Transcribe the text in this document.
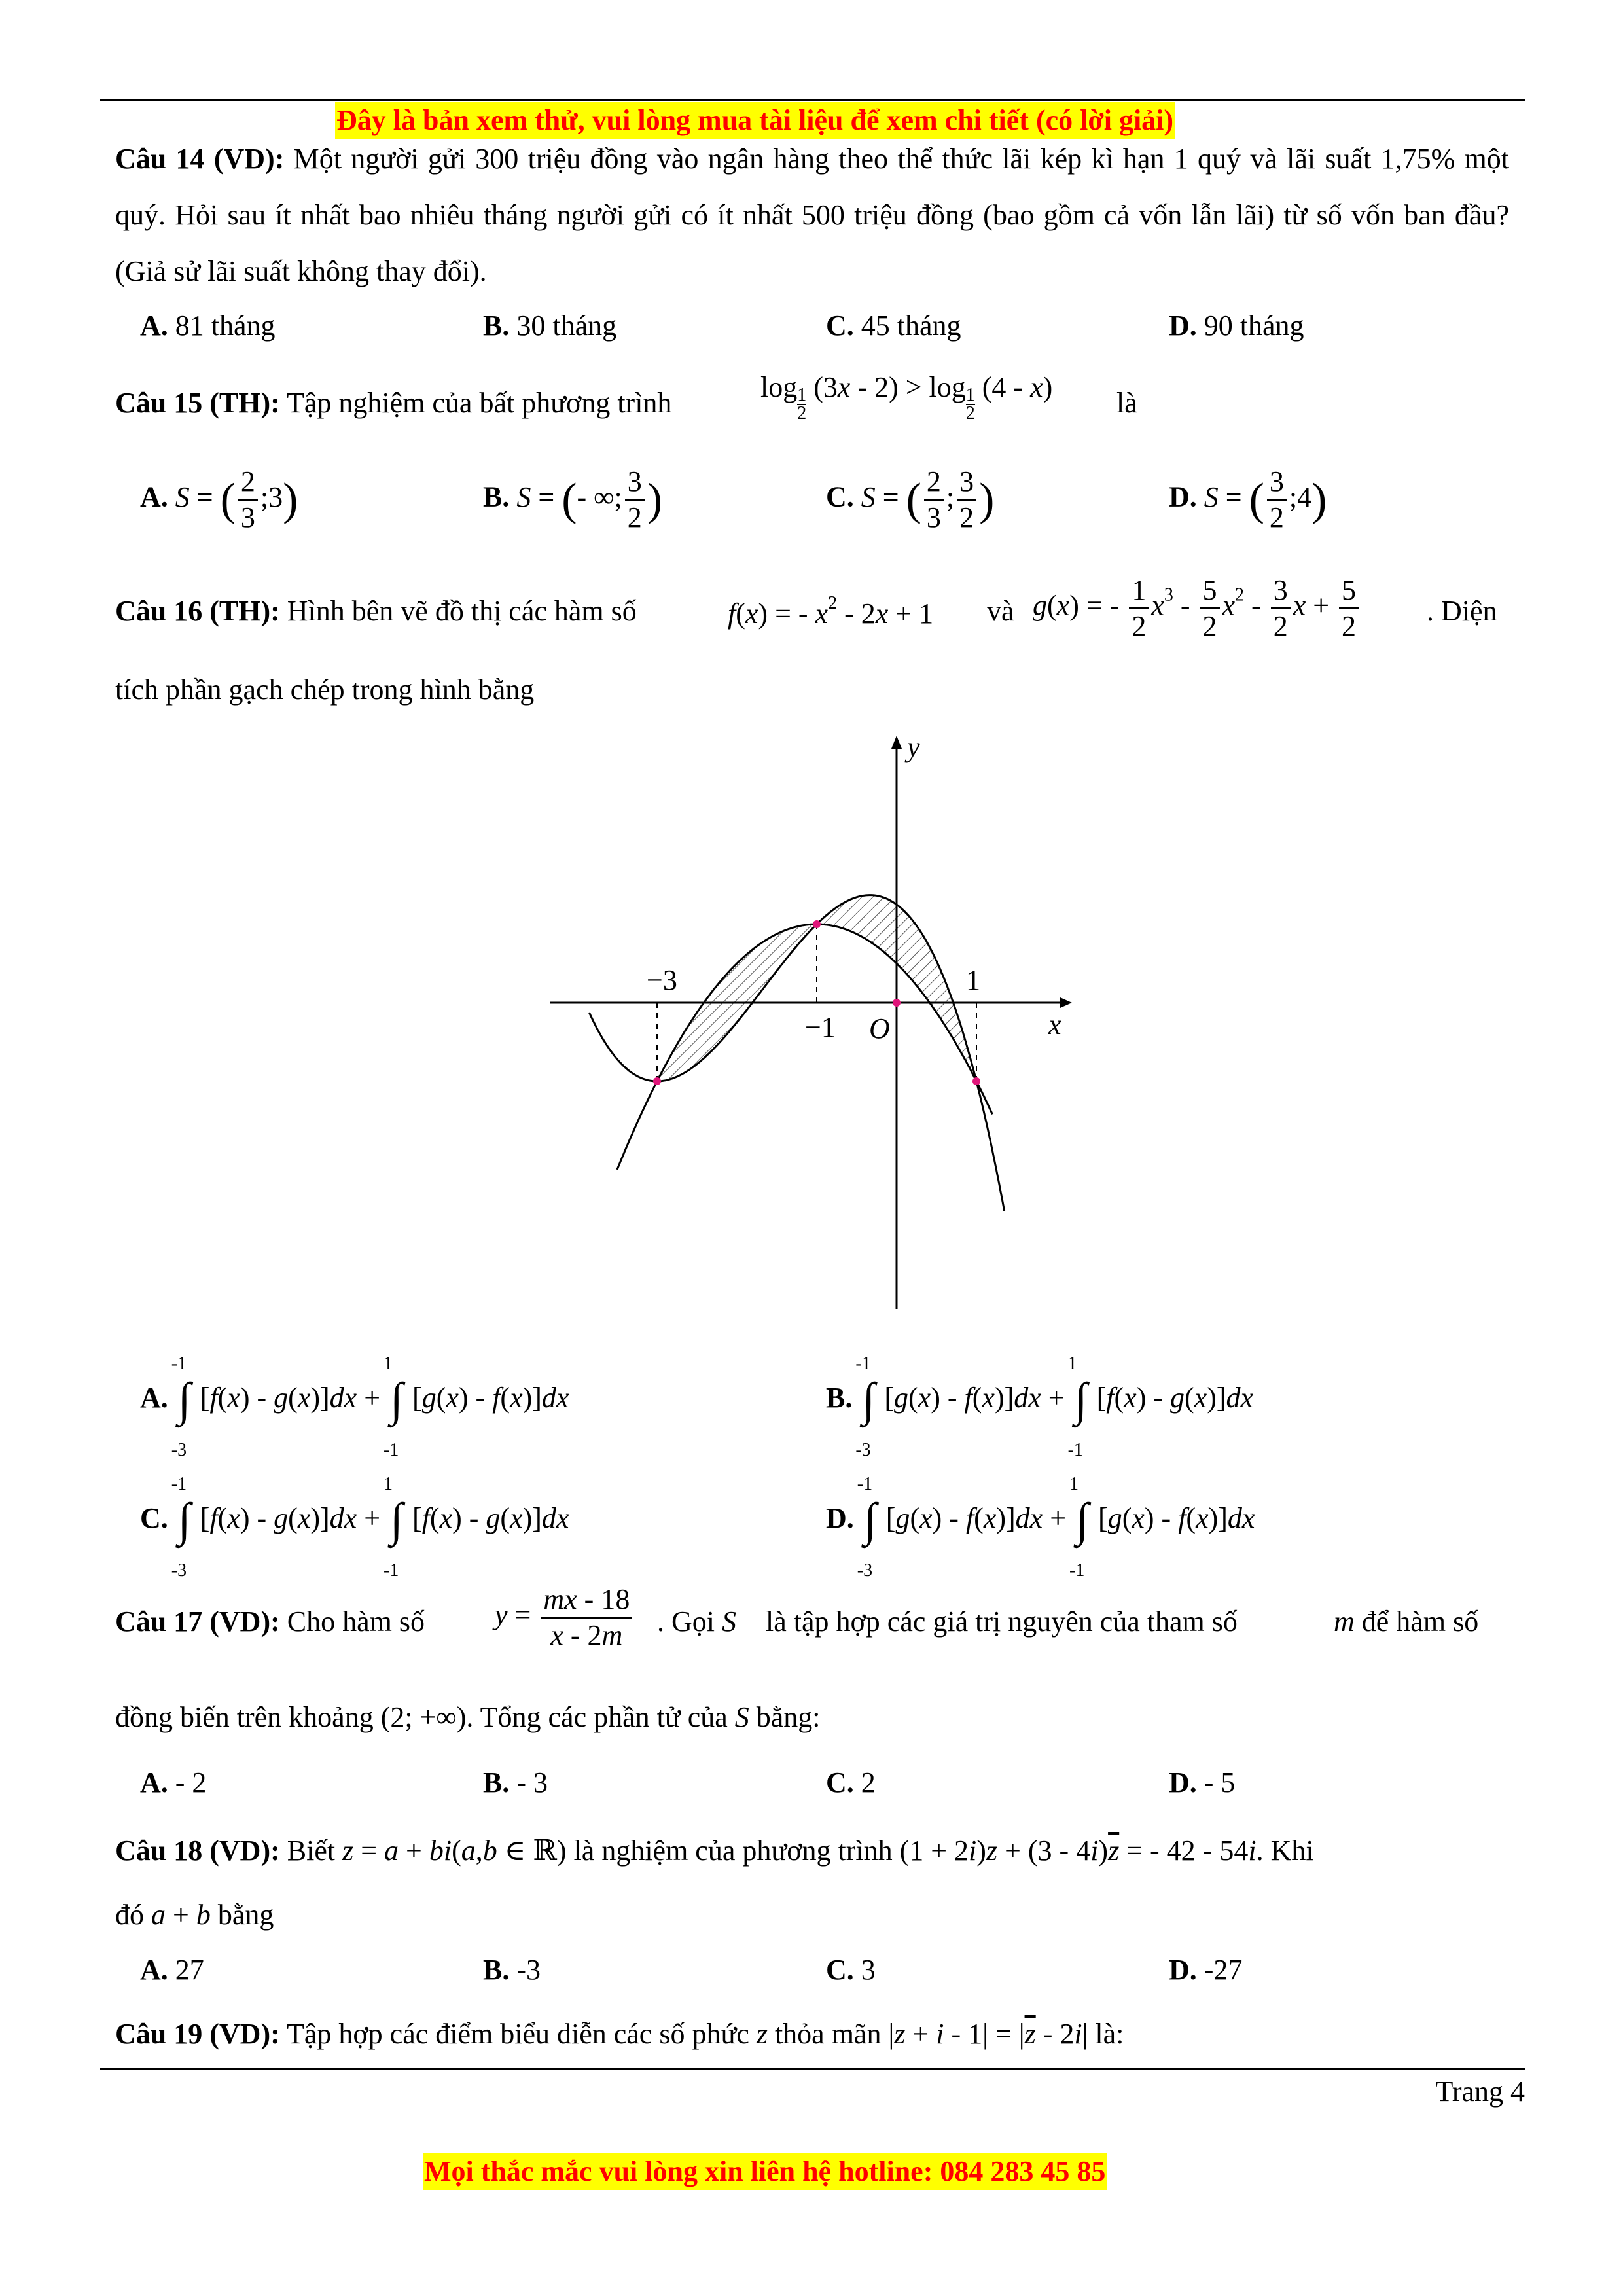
Đây là bản xem thử, vui lòng mua tài liệu để xem chi tiết (có lời giải)
Câu 14 (VD): Một người gửi 300 triệu đồng vào ngân hàng theo thể thức lãi kép kì hạn 1 quý và lãi suất 1,75% một quý. Hỏi sau ít nhất bao nhiêu tháng người gửi có ít nhất 500 triệu đồng (bao gồm cả vốn lẫn lãi) từ số vốn ban đầu? (Giả sử lãi suất không thay đổi).
A. 81 tháng	B. 30 tháng	C. 45 tháng	D. 90 tháng
Câu 15 (TH): Tập nghiệm của bất phương trình	log $_{\frac{1}{2}}$ (3x - 2) > log $_{\frac{1}{2}}$ (4 - x) là
A. S = ( $\frac{2}{3}$ ;3)	B. S = (- ∞; $\frac{3}{2}$ )	C. S = ( $\frac{2}{3}$ ; $\frac{3}{2}$ )	D. S = ( $\frac{3}{2}$ ;4)
Câu 16 (TH): Hình bên vẽ đồ thị các hàm số	f(x) = - $x^2 - 2x + 1$ và g(x) = - $\frac{1}{2} x^3 - \frac{5}{2} x^2 - \frac{3}{2}$ $x + \frac{5}{2}$ . Diện
tích phần gạch chép trong hình bằng
x
y
O
−3
−1
1
A.
-1
∫
-3
[f(x) - g(x)]dx +
1
∫
-1
[g(x) - f(x)]dx	B.
-1
∫
-3
[g(x) - f(x)]dx +
1
∫
-1
[f(x) - g(x)]dx
C.
-1
∫
-3
[f(x) - g(x)]dx +
1
∫
-1
[f(x) - g(x)]dx	D.
-1
∫
-3
[g(x) - f(x)]dx +
1
∫
-1
[g(x) - f(x)]dx
Câu 17 (VD): Cho hàm số $y = \frac{mx - 18}{x - 2m}$ . Gọi S là tập hợp các giá trị nguyên của tham số	m để hàm số
đồng biến trên khoảng (2; +∞). Tổng các phần tử của S bằng:
A. - 2	B. - 3	C. 2	D. - 5
Câu 18 (VD): Biết z = a + bi(a,b ∈ ℝ) là nghiệm của phương trình $(1 + 2i)z + (3 - 4i)\overline{z}$ = - 42 - 54i. Khi
đó a + b bằng
A. 27	B. -3	C. 3	D. -27
Câu 19 (VD): Tập hợp các điểm biểu diễn các số phức z thỏa mãn $|z + i - 1| = |\overline{z} - 2i|$ là:
Trang 4
Mọi thắc mắc vui lòng xin liên hệ hotline: 084 283 45 85
